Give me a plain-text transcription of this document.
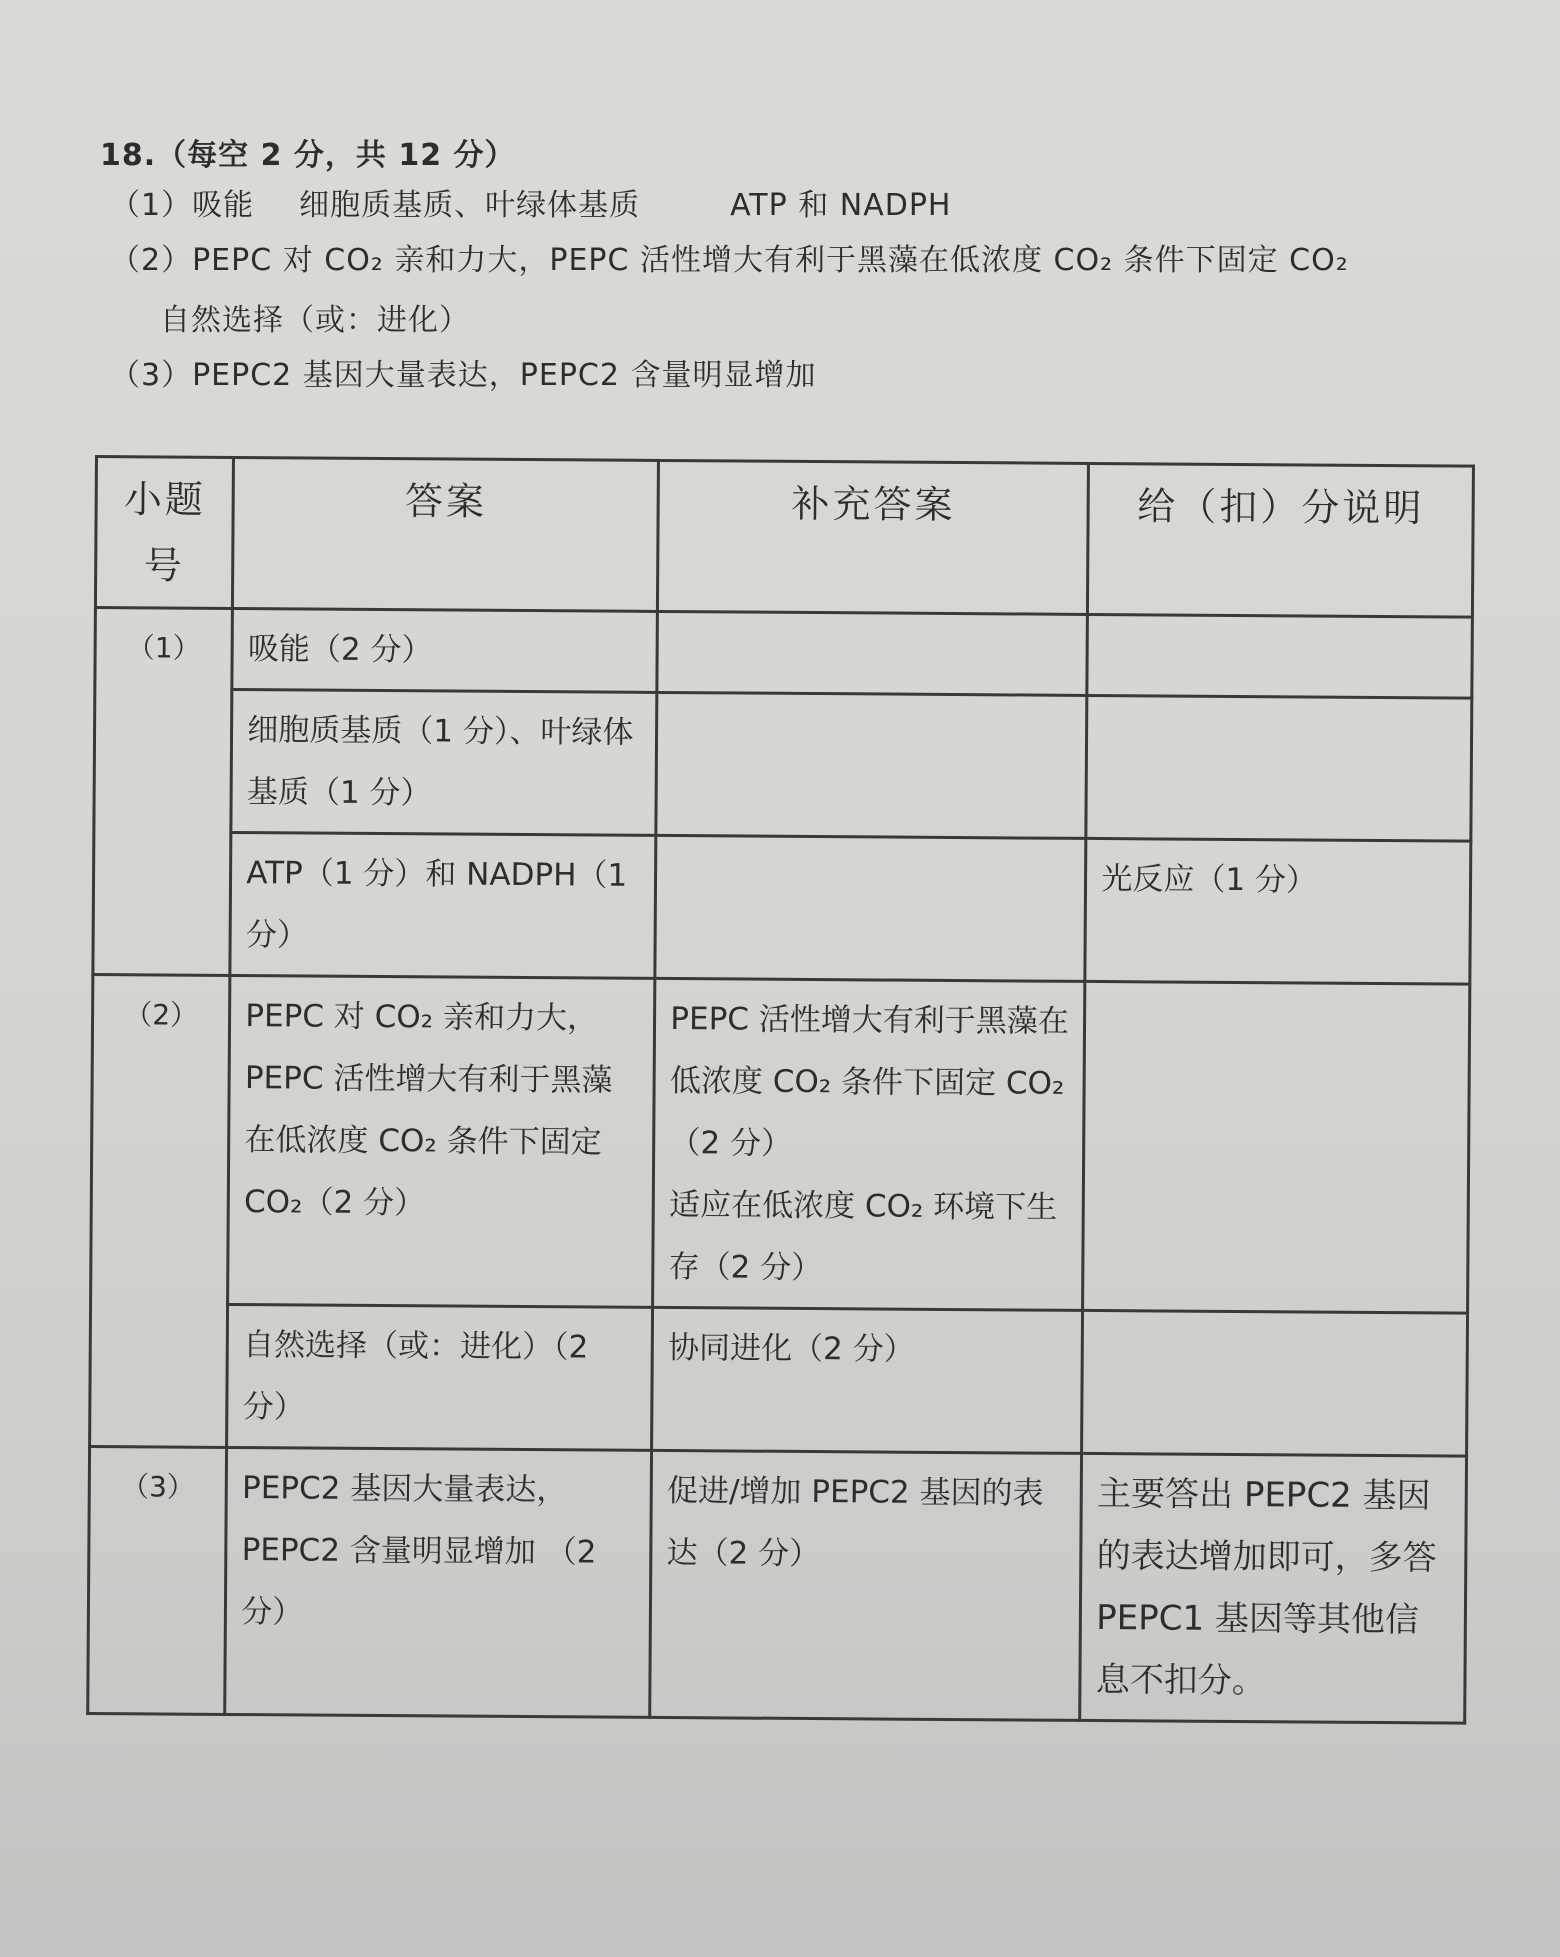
18.（每空 2 分，共 12 分）
（1）吸能 细胞质基质、叶绿体基质	ATP 和 NADPH
（2）PEPC 对 CO₂ 亲和力大，PEPC 活性增大有利于黑藻在低浓度 CO₂ 条件下固定 CO₂
自然选择（或：进化）
（3）PEPC2 基因大量表达，PEPC2 含量明显增加
小题号	答案	补充答案	给（扣）分说明
（1）	吸能（2 分）		
	细胞质基质（1 分）、叶绿体基质（1 分）		
	ATP（1 分）和 NADPH（1 分）		光反应（1 分）
（2）	PEPC 对 CO₂ 亲和力大，PEPC 活性增大有利于黑藻在低浓度 CO₂ 条件下固定 CO₂（2 分）	PEPC 活性增大有利于黑藻在低浓度 CO₂ 条件下固定 CO₂（2 分）
适应在低浓度 CO₂ 环境下生存（2 分）	

	自然选择（或：进化）（2 分）	协同进化（2 分）	
（3）	PEPC2 基因大量表达，PEPC2 含量明显增加 （2 分）	促进/增加 PEPC2 基因的表达（2 分）	主要答出 PEPC2 基因的表达增加即可，多答 PEPC1 基因等其他信息不扣分。
